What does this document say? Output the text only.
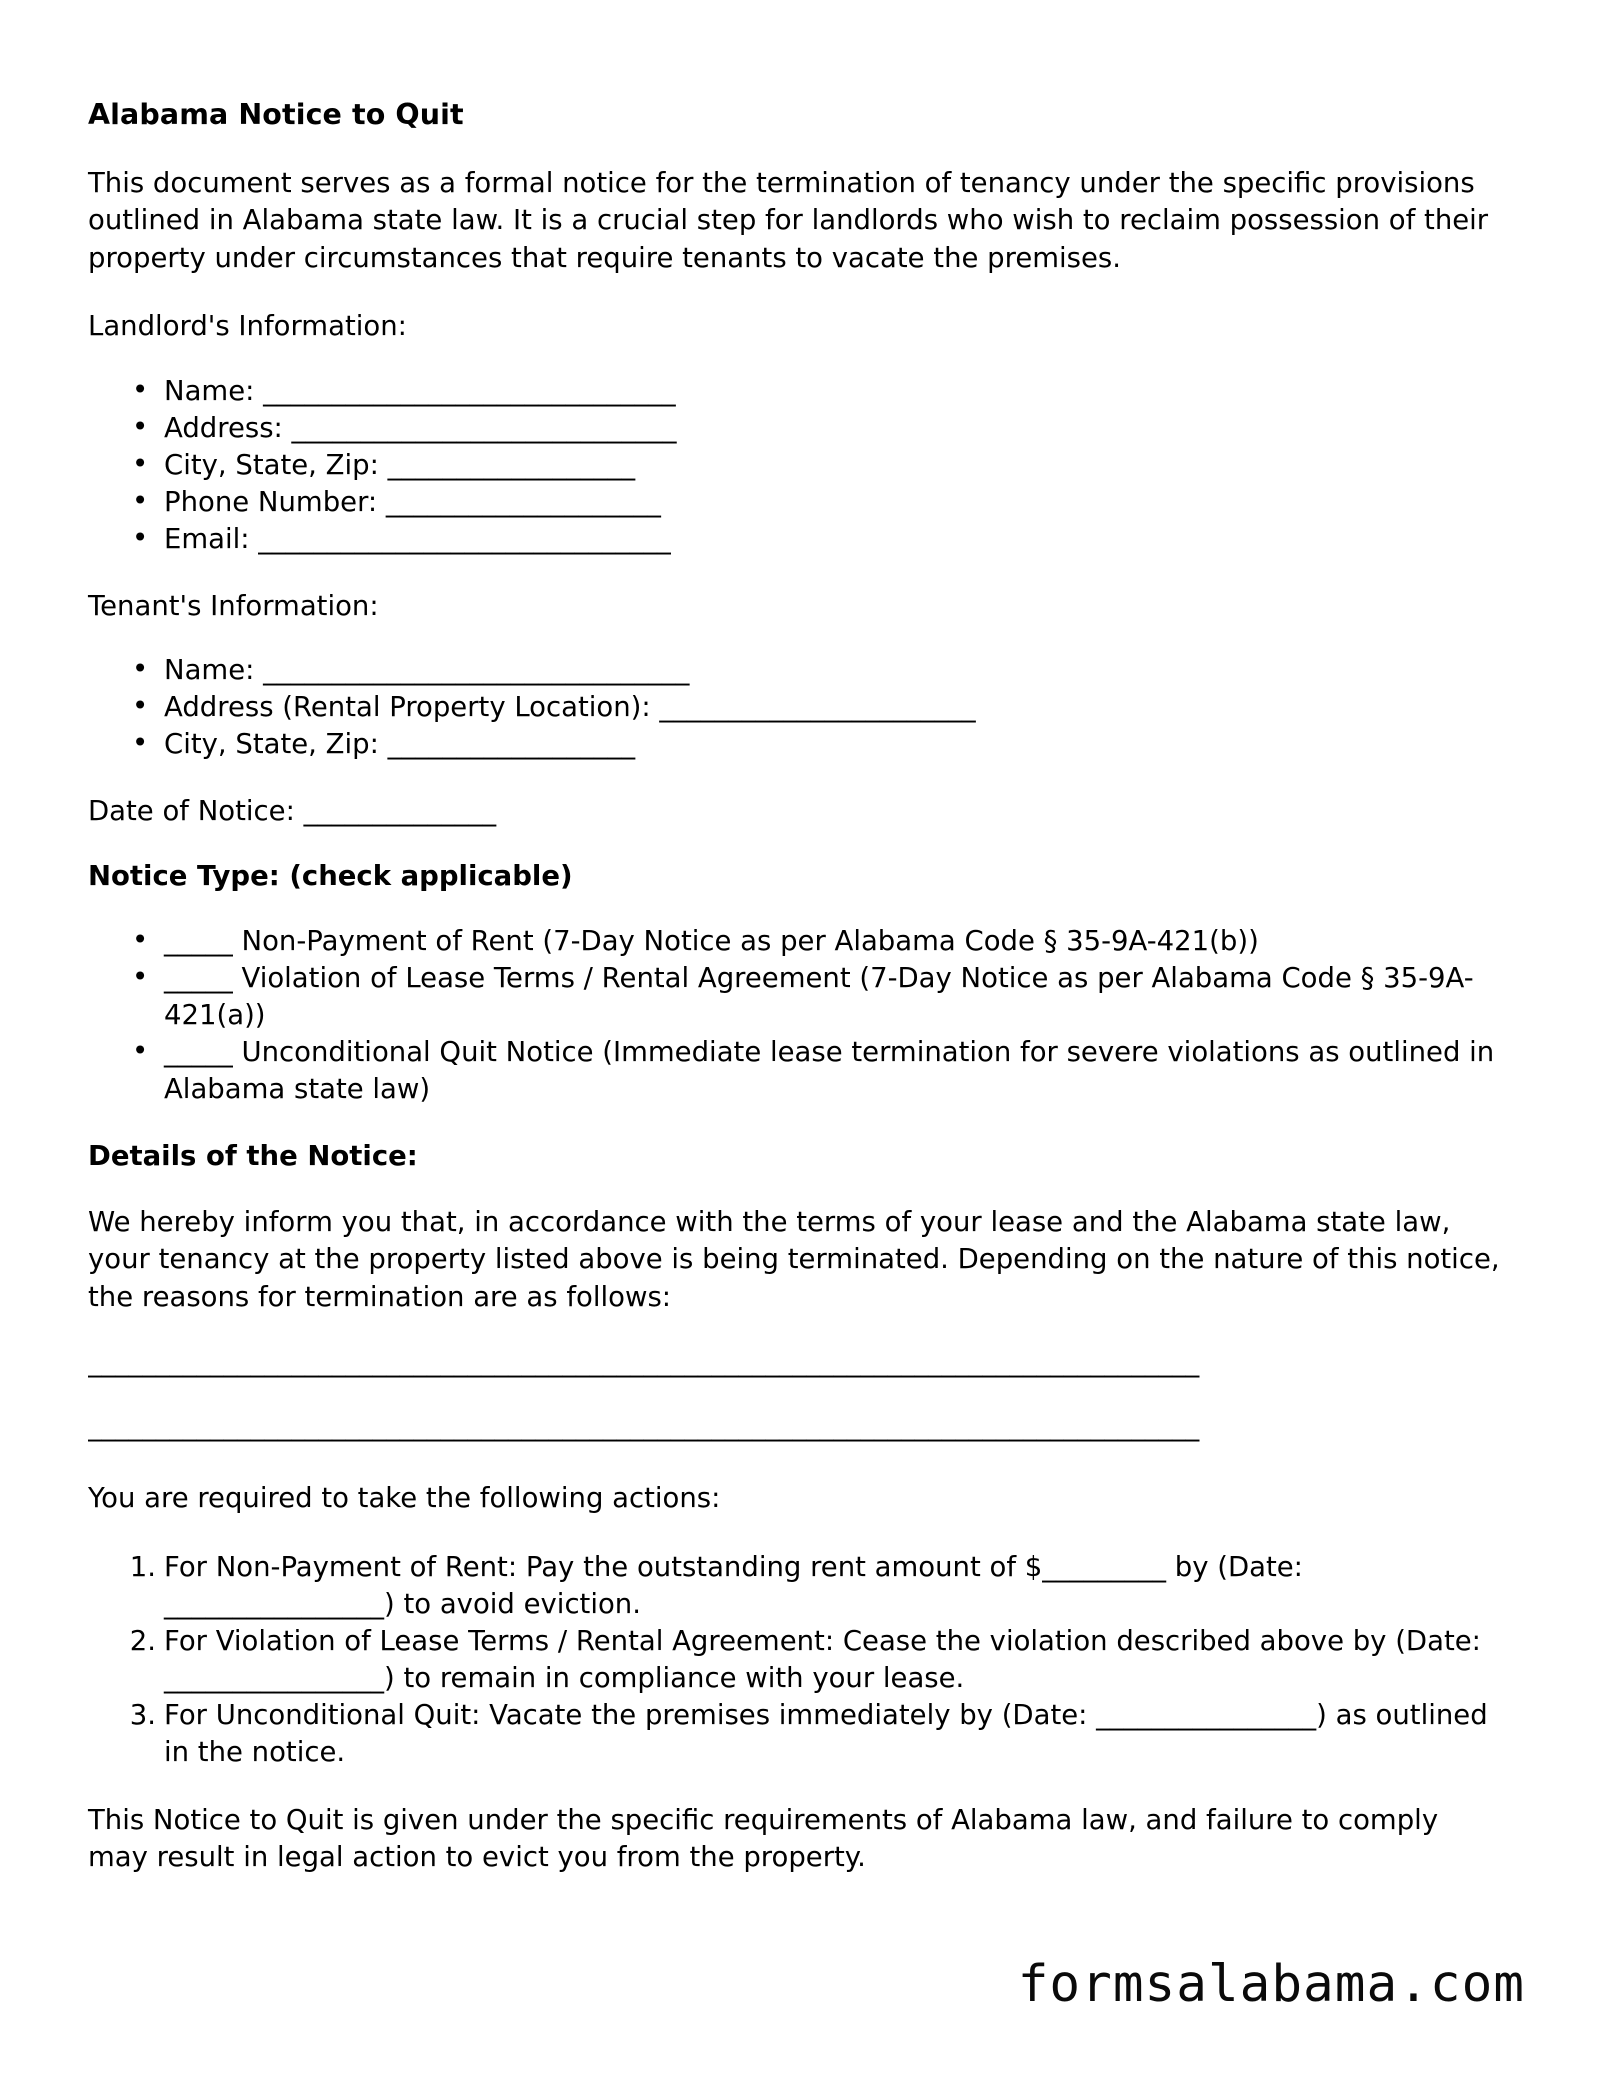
Alabama Notice to Quit

This document serves as a formal notice for the termination of tenancy under the specific provisions outlined in Alabama state law. It is a crucial step for landlords who wish to reclaim possession of their property under circumstances that require tenants to vacate the premises.

Landlord's Information:
• Name: ______________________________
• Address: ____________________________
• City, State, Zip: __________________
• Phone Number: ____________________
• Email: ______________________________
Tenant's Information:
• Name: _______________________________
• Address (Rental Property Location): _______________________
• City, State, Zip: __________________
Date of Notice: ______________
Notice Type: (check applicable)
• _____ Non-Payment of Rent (7-Day Notice as per Alabama Code § 35-9A-421(b))
• _____ Violation of Lease Terms / Rental Agreement (7-Day Notice as per Alabama Code § 35-9A-421(a))
• _____ Unconditional Quit Notice (Immediate lease termination for severe violations as outlined in Alabama state law)
Details of the Notice:

We hereby inform you that, in accordance with the terms of your lease and the Alabama state law, your tenancy at the property listed above is being terminated. Depending on the nature of this notice, the reasons for termination are as follows:

__________________________________________________________________________________
__________________________________________________________________________________

You are required to take the following actions:

For Non-Payment of Rent: Pay the outstanding rent amount of $_________ by (Date: ________________) to avoid eviction.
For Violation of Lease Terms / Rental Agreement: Cease the violation described above by (Date: ________________) to remain in compliance with your lease.
For Unconditional Quit: Vacate the premises immediately by (Date: ________________) as outlined in the notice.

This Notice to Quit is given under the specific requirements of Alabama law, and failure to comply may result in legal action to evict you from the property.

formsalabama.com
